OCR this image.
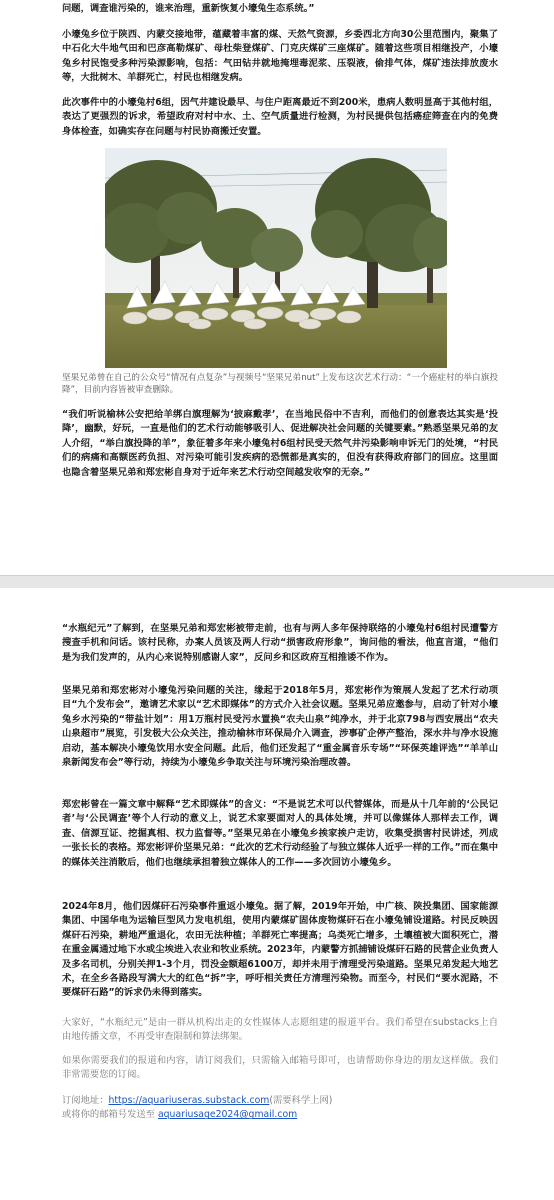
问题，调查谁污染的，谁来治理，重新恢复小壕兔生态系统。”

小壕兔乡位于陕西、内蒙交接地带，蕴藏着丰富的煤、天然气资源，乡委西北方向30公里范围内，聚集了中石化大牛地气田和巴彦高勒煤矿、母杜柴登煤矿、门克庆煤矿三座煤矿。随着这些项目相继投产，小壕兔乡村民饱受多种污染源影响，包括：气田钻井就地掩埋毒泥浆、压裂液，偷排气体，煤矿违法排放废水等，大批树木、羊群死亡，村民也相继发病。

此次事件中的小壕兔村6组，因气井建设最早、与住户距离最近不到200米，患病人数明显高于其他村组，表达了更强烈的诉求，希望政府对村中水、土、空气质量进行检测，为村民提供包括癌症筛查在内的免费身体检查，如确实存在问题与村民协商搬迁安置。

坚果兄弟曾在自己的公众号“情况有点复杂”与视频号“坚果兄弟nut”上发布这次艺术行动：“一个癌症村的举白旗投降”，目前内容皆被审查删除。

“我们听说榆林公安把给羊绑白旗理解为‘披麻戴孝’，在当地民俗中不吉利，而他们的创意表达其实是‘投降’，幽默，好玩，一直是他们的艺术行动能够吸引人、促进解决社会问题的关键要素。”熟悉坚果兄弟的友人介绍，“举白旗投降的羊”，象征着多年来小壕兔村6组村民受天然气井污染影响申诉无门的处境，“村民们的病痛和高额医药负担、对污染可能引发疾病的恐慌都是真实的，但没有获得政府部门的回应。这里面也隐含着坚果兄弟和郑宏彬自身对于近年来艺术行动空间越发收窄的无奈。”

“水瓶纪元”了解到，在坚果兄弟和郑宏彬被带走前，也有与两人多年保持联络的小壕兔村6组村民遭警方搜查手机和问话。该村民称，办案人员该及两人行动“损害政府形象”，询问他的看法，他直言道，“他们是为我们发声的，从内心来说特别感谢人家”，反问乡和区政府互相推诿不作为。

坚果兄弟和郑宏彬对小壕兔污染问题的关注，缘起于2018年5月，郑宏彬作为策展人发起了艺术行动项目“九个发布会”，邀请艺术家以“艺术即媒体”的方式介入社会议题。坚果兄弟应邀参与，启动了针对小壕兔乡水污染的“带盐计划”：用1万瓶村民受污水置换“农夫山泉”纯净水，并于北京798与西安展出“农夫山泉超市”展览，引发极大公众关注，推动榆林市环保局介入调查，涉事矿企停产整治，深水井与净水设施启动，基本解决小壕兔饮用水安全问题。此后，他们还发起了“重金属音乐专场”“环保英雄评选”“羊羊山泉新闻发布会”等行动，持续为小壕兔乡争取关注与环境污染治理改善。

郑宏彬曾在一篇文章中解释“艺术即媒体”的含义：“不是说艺术可以代替媒体，而是从十几年前的‘公民记者’与‘公民调查’等个人行动的意义上，说艺术家要面对人的具体处境，并可以像媒体人那样去工作，调查、信源互证、挖掘真相、权力监督等。”坚果兄弟在小壕兔乡挨家挨户走访，收集受损害村民讲述，列成一张长长的表格。郑宏彬评价坚果兄弟：“此次的艺术行动经验了与独立媒体人近乎一样的工作。”而在集中的媒体关注消散后，他们也继续承担着独立媒体人的工作——多次回访小壕兔乡。

2024年8月，他们因煤矸石污染事件重返小壕兔。据了解，2019年开始，中广核、陕投集团、国家能源集团、中国华电为运输巨型风力发电机组，使用内蒙煤矿固体废物煤矸石在小壕兔铺设道路。村民反映因煤矸石污染，耕地严重退化，农田无法种植；羊群死亡率提高；乌类死亡增多，土壤植被大面积死亡，潜在重金属通过地下水或尘埃进入农业和牧业系统。2023年，内蒙警方抓捕铺设煤矸石路的民营企业负责人及多名司机，分别关押1-3个月，罚没金额超6100万，却并未用于清理受污染道路。坚果兄弟发起大地艺术，在全乡各路段写满大大的红色“拆”字，呼吁相关责任方清理污染物。而至今，村民们“要水泥路，不要煤矸石路”的诉求仍未得到落实。

大家好，“水瓶纪元”是由一群从机构出走的女性媒体人志愿组建的报道平台。我们希望在substacks上自由地传播文章，不再受审查限制和算法绑架。

如果你需要我们的报道和内容，请订阅我们，只需输入邮箱号即可，也请帮助你身边的朋友这样做。我们非常需要您的订阅。

订阅地址：https://aquariuseras.substack.com(需要科学上网)

或将你的邮箱号发送至 aquariusage2024@gmail.com
